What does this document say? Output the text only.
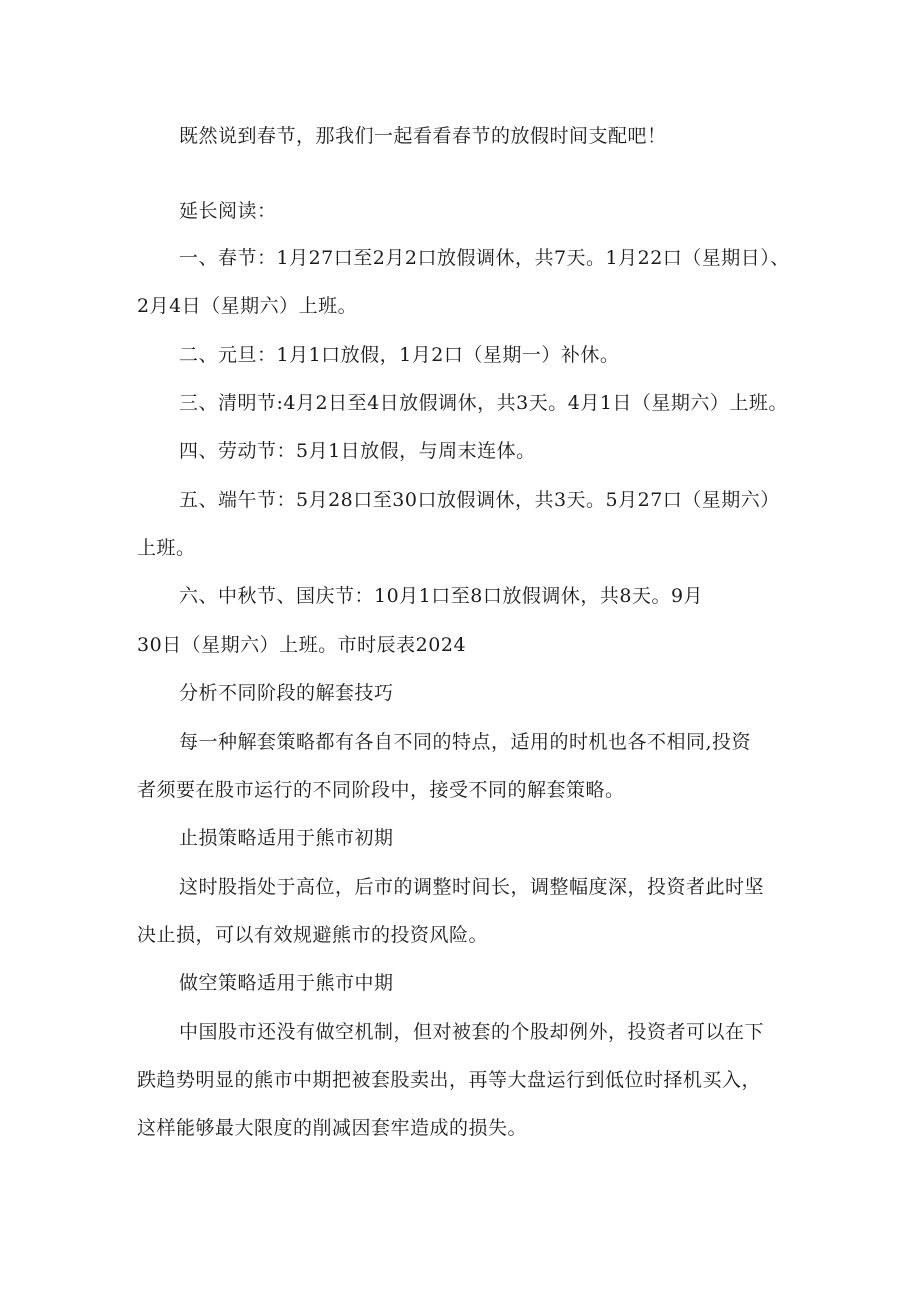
既然说到春节，那我们一起看看春节的放假时间支配吧！
延长阅读：
一、春节：1月27口至2月2口放假调休，共7天。1月22口（星期日）、
2月4日（星期六）上班。
二、元旦：1月1口放假，1月2口（星期一）补休。
三、清明节:4月2日至4日放假调休，共3天。4月1日（星期六）上班。
四、劳动节：5月1日放假，与周末连体。
五、端午节：5月28口至30口放假调休，共3天。5月27口（星期六）
上班。
六、中秋节、国庆节：10月1口至8口放假调休，共8天。9月
30日（星期六）上班。市时辰表2024
分析不同阶段的解套技巧
每一种解套策略都有各自不同的特点，适用的时机也各不相同,投资
者须要在股市运行的不同阶段中，接受不同的解套策略。
止损策略适用于熊市初期
这时股指处于高位，后市的调整时间长，调整幅度深，投资者此时坚
决止损，可以有效规避熊市的投资风险。
做空策略适用于熊市中期
中国股市还没有做空机制，但对被套的个股却例外，投资者可以在下
跌趋势明显的熊市中期把被套股卖出，再等大盘运行到低位时择机买入，
这样能够最大限度的削减因套牢造成的损失。
